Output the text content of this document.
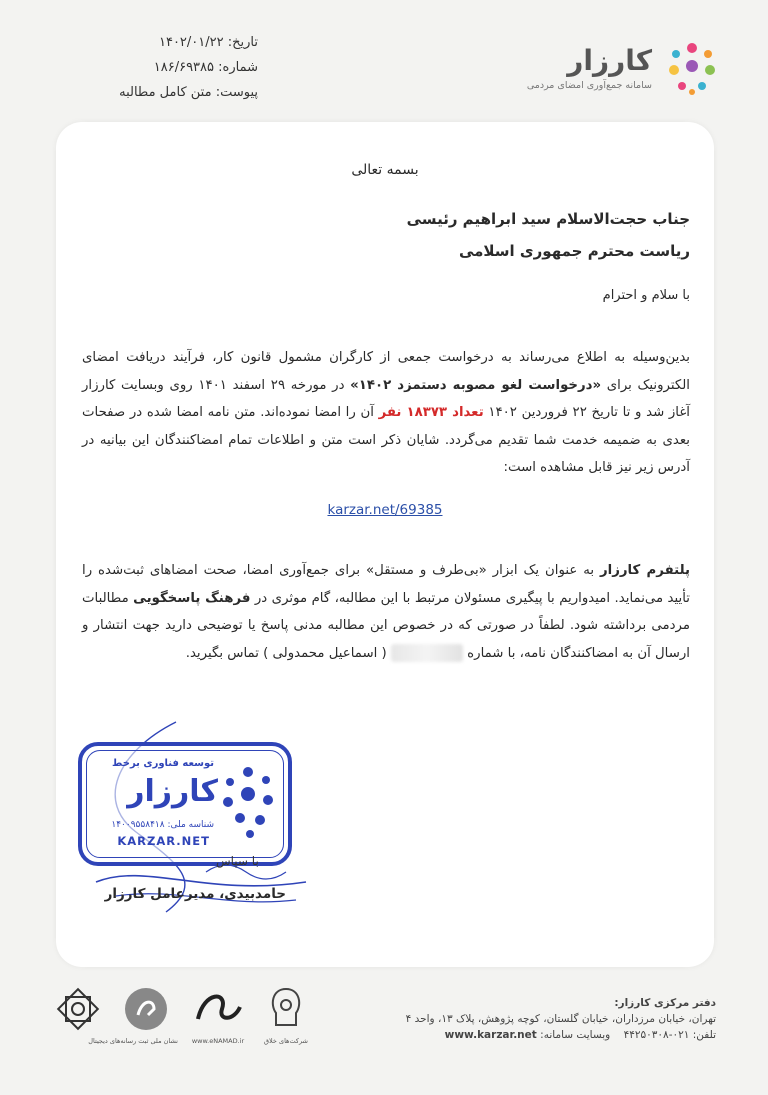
تاریخ: ۱۴۰۲/۰۱/۲۲
شماره: ۱۸۶/۶۹۳۸۵
پیوست: متن کامل مطالبه
کارزار
سامانه جمع‌آوری امضای مردمی
بسمه تعالی
جناب حجت‌الاسلام سید ابراهیم رئیسی
ریاست محترم جمهوری اسلامی
با سلام و احترام
بدین‌وسیله به اطلاع می‌رساند به درخواست جمعی از کارگران مشمول قانون کار، فرآیند دریافت امضای الکترونیک برای «درخواست لغو مصوبه دستمزد ۱۴۰۲» در مورخه ۲۹ اسفند ۱۴۰۱ روی وبسایت کارزار آغاز شد و تا تاریخ ۲۲ فروردین ۱۴۰۲ تعداد ۱۸۳۷۳ نفر آن را امضا نموده‌اند. متن نامه امضا شده در صفحات بعدی به ضمیمه خدمت شما تقدیم می‌گردد. شایان ذکر است متن و اطلاعات تمام امضاکنندگان این بیانیه در آدرس زیر نیز قابل مشاهده است:
karzar.net/69385
پلتفرم کارزار به عنوان یک ابزار «بی‌طرف و مستقل» برای جمع‌آوری امضا، صحت امضاهای ثبت‌شده را تأیید می‌نماید. امیدواریم با پیگیری مسئولان مرتبط با این مطالبه، گام موثری در فرهنگ پاسخگویی مطالبات مردمی برداشته شود. لطفاً در صورتی که در خصوص این مطالبه مدنی پاسخ یا توضیحی دارید جهت انتشار و ارسال آن به امضاکنندگان نامه، با شماره  ( اسماعیل محمدولی ) تماس بگیرید.
توسعه فناوری برخط
کارزار
شناسه ملی: ۱۴۰۰۹۵۵۸۴۱۸
KARZAR.NET
با سپاس
حامدبیدی، مدیرعامل کارزار
نشان ملی ثبت رسانه‌های دیجیتال	www.eNAMAD.ir	شرکت‌های خلاق
دفتر مرکزی کارزار:
تهران، خیابان مرزداران، خیابان گلستان، کوچه پژوهش، پلاک ۱۳، واحد ۴
تلفن: ۰۲۱-۴۴۲۵۰۳۰۸    وبسایت سامانه: www.karzar.net
